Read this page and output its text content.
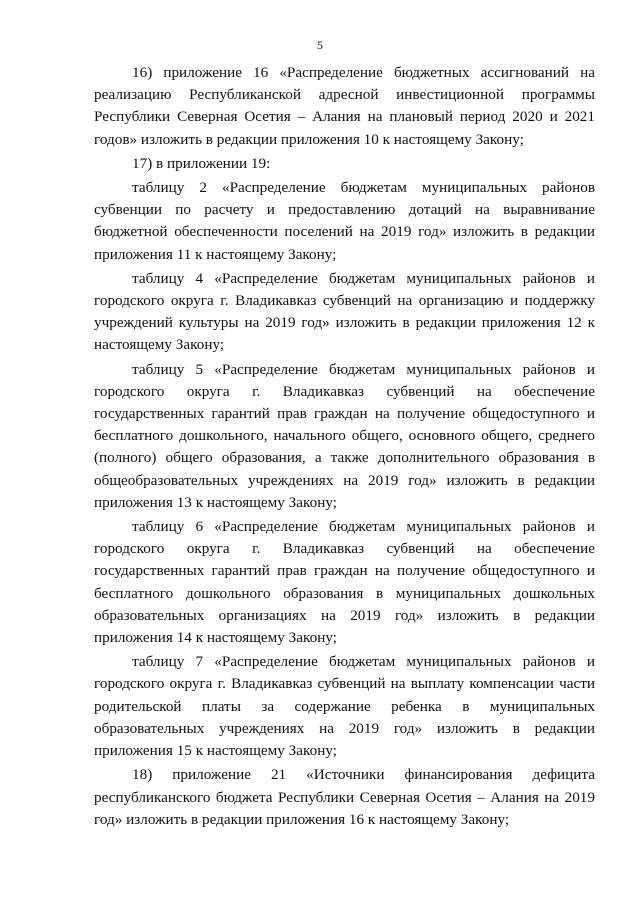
5

16) приложение 16 «Распределение бюджетных ассигнований на реализацию Республиканской адресной инвестиционной программы Республики Северная Осетия – Алания на плановый период 2020 и 2021 годов» изложить в редакции приложения 10 к настоящему Закону;

17) в приложении 19:

таблицу 2 «Распределение бюджетам муниципальных районов субвенции по расчету и предоставлению дотаций на выравнивание бюджетной обеспеченности поселений на 2019 год» изложить в редакции приложения 11 к настоящему Закону;

таблицу 4 «Распределение бюджетам муниципальных районов и городского округа г. Владикавказ субвенций на организацию и поддержку учреждений культуры на 2019 год» изложить в редакции приложения 12 к настоящему Закону;

таблицу 5 «Распределение бюджетам муниципальных районов и городского округа г. Владикавказ субвенций на обеспечение государственных гарантий прав граждан на получение общедоступного и бесплатного дошкольного, начального общего, основного общего, среднего (полного) общего образования, а также дополнительного образования в общеобразовательных учреждениях на 2019 год» изложить в редакции приложения 13 к настоящему Закону;

таблицу 6 «Распределение бюджетам муниципальных районов и городского округа г. Владикавказ субвенций на обеспечение государственных гарантий прав граждан на получение общедоступного и бесплатного дошкольного образования в муниципальных дошкольных образовательных организациях на 2019 год» изложить в редакции приложения 14 к настоящему Закону;

таблицу 7 «Распределение бюджетам муниципальных районов и городского округа г. Владикавказ субвенций на выплату компенсации части родительской платы за содержание ребенка в муниципальных образовательных учреждениях на 2019 год» изложить в редакции приложения 15 к настоящему Закону;

18) приложение 21 «Источники финансирования дефицита республиканского бюджета Республики Северная Осетия – Алания на 2019 год» изложить в редакции приложения 16 к настоящему Закону;
